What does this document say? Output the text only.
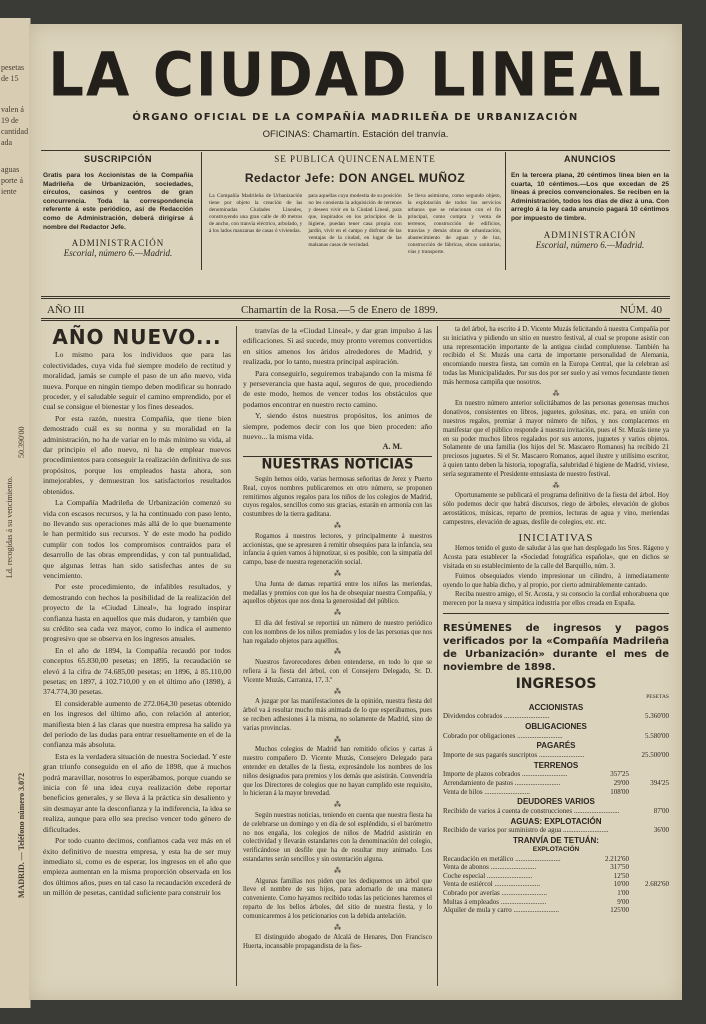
pesetas
de 15
valen á
19 de
cantidad
ada
aguas
porte á
iente
Ld. recogidas á su vencimiento.
50.390'00
MADRID. — Teléfono número 3.072
LA CIUDAD LINEAL
ÓRGANO OFICIAL DE LA COMPAÑÍA MADRILEÑA DE URBANIZACIÓN
OFICINAS: Chamartín. Estación del tranvía.
SUSCRIPCIÓN
Gratis para los Accionistas de la Compañía Madrileña de Urbanización, sociedades, círculos, casinos y centros de gran concurrencia. Toda la correspondencia referente á este periódico, así de Redacción como de Administración, deberá dirigirse á nombre del Redactor Jefe.
ADMINISTRACIÓN
Escorial, número 6.—Madrid.
SE PUBLICA QUINCENALMENTE
Redactor Jefe: DON ANGEL MUÑOZ
La Compañía Madrileña de Urbanización tiene por objeto la creación de las denominadas Ciudades Lineales, construyendo una gran calle de 40 metros de ancho, con tranvía eléctrico, arbolado, y á los lados manzanas de casas ó viviendas.
para aquellas cuya modestia de su posición no les consienta la adquisición de terrenos y deseen vivir en la Ciudad Lineal, para que, inspirados en los principios de la higiene, puedan tener casa propia con jardín, vivir en el campo y disfrutar de las ventajas de la ciudad, en lugar de las malsanas casas de vecindad.
Se lleva asimismo, como segundo objeto, la explotación de todos los servicios urbanos que se relacionan con el fin principal, como compra y venta de terrenos, construcción de edificios, tranvías y demás obras de urbanización, abastecimiento de aguas y de luz, construcción de fábricas, obras sanitarias, vías y transporte.
ANUNCIOS
En la tercera plana, 20 céntimos línea bien en la cuarta, 10 céntimos.—Los que excedan de 25 líneas á precios convencionales. Se reciben en la Administración, todos los días de diez á una. Con arreglo á la ley cada anuncio pagará 10 céntimos por impuesto de timbre.
ADMINISTRACIÓN
Escorial, número 6.—Madrid.
AÑO III	Chamartín de la Rosa.—5 de Enero de 1899.	NÚM. 40
AÑO NUEVO...

Lo mismo para los individuos que para las colectividades, cuya vida fué siempre modelo de rectitud y moralidad, jamás se cumple el paso de un año nuevo, vida nueva. Porque en ningún tiempo deben modificar su honrado proceder, y el saludable seguir el camino emprendido, por el cual se consigue el bienestar y los fines deseados.

Por esta razón, nuestra Compañía, que tiene bien demostrado cuál es su norma y su moralidad en la administración, no ha de variar en lo más mínimo su vida, al dar principio el año nuevo, ni ha de emplear nuevos procedimientos para conseguir la realización definitiva de sus propósitos, porque los empleados hasta ahora, son inmejorables, y demuestran los satisfactorios resultados obtenidos.

La Compañía Madrileña de Urbanización comenzó su vida con escasos recursos, y la ha continuado con paso lento, no llevando sus operaciones más allá de lo que buenamente le han permitido sus recursos. Y de este modo ha podido cumplir con todos los compromisos contraídos para el desarrollo de las obras emprendidas, y con tal puntualidad, que algunas letras han sido satisfechas antes de su vencimiento.

Por este procedimiento, de infalibles resultados, y demostrando con hechos la posibilidad de la realización del proyecto de la «Ciudad Lineal», ha logrado inspirar confianza hasta en aquellos que más dudaron, y también que su crédito sea cada vez mayor, como lo indica el aumento progresivo que se observa en los ingresos anuales.

En el año de 1894, la Compañía recaudó por todos conceptos 65.830,00 pesetas; en 1895, la recaudación se elevó á la cifra de 74.685,00 pesetas; en 1896, á 85.110,00 pesetas; en 1897, á 102.710,00 y en el último año (1898), á 374.774,30 pesetas.

El considerable aumento de 272.064,30 pesetas obtenido en los ingresos del último año, con relación al anterior, manifiesta bien á las claras que nuestra empresa ha salido ya del período de las dudas para entrar resueltamente en el de la confianza más absoluta.

Esta es la verdadera situación de nuestra Sociedad. Y este gran triunfo conseguido en el año de 1898, que á muchos podrá maravillar, nosotros lo esperábamos, porque cuando se inicia con fé una idea cuya realización debe reportar beneficios generales, y se lleva á la práctica sin desaliento y sin desmayar ante la desconfianza y la indiferencia, la idea se realiza, aunque para ello sea preciso vencer todo género de dificultades.

Por todo cuanto decimos, confiamos cada vez más en el éxito definitivo de nuestra empresa, y esta ha de ser muy inmediato si, como es de esperar, los ingresos en el año que empieza aumentan en la misma proporción observada en los dos últimos años, pues en tal caso la recaudación excederá de un millón de pesetas, cantidad suficiente para construir los

tranvías de la «Ciudad Lineal», y dar gran impulso á las edificaciones. Si así sucede, muy pronto veremos convertidos en sitios amenos los áridos alrededores de Madrid, y realizada, por lo tanto, nuestra principal aspiración.

Para conseguirlo, seguiremos trabajando con la misma fé y perseverancia que hasta aquí, seguros de que, procediendo de este modo, hemos de vencer todos los obstáculos que podamos encontrar en nuestro recto camino.

Y, siendo éstos nuestros propósitos, los animos de siempre, podemos decir con los que bien proceden: año nuevo... la misma vida.

A. M.
NUESTRAS NOTICIAS

Según hemos oído, varias hermosas señoritas de Jerez y Puerto Real, cuyos nombres publicaremos en otro número, se proponen remitirnos algunos regalos para los niños de los colegios de Madrid, cuyos regalos, sencillos como sus gracias, estarán en armonía con las costumbres de la tierra gaditana.

⁂

Rogamos á nuestros lectores, y principalmente á nuestros accionistas, que se apresuren á remitir obsequios para la infancia, sea infancia á quien vamos á hipnotizar, si es posible, con la simpatía del campo, base de nuestra regeneración social.

⁂

Una Junta de damas repartirá entre los niños las meriendas, medallas y premios con que los ha de obsequiar nuestra Compañía, y aquellos objetos que nos dona la generosidad del público.

⁂

El día del festival se reportirá un número de nuestro periódico con los nombres de los niños premiados y los de las personas que nos han regalado objetos para aquéllos.

⁂

Nuestros favorecedores deben entenderse, en todo lo que se refiera á la fiesta del árbol, con el Consejero Delegado, Sr. D. Vicente Muzás, Carranza, 17, 3.º

⁂

A juzgar por las manifestaciones de la opinión, nuestra fiesta del árbol va á resultar mucho más animada de lo que esperábamos, pues se reciben adhesiones á la misma, no solamente de Madrid, sino de varias provincias.

⁂

Muchos colegios de Madrid han remitido oficios y cartas á nuestro compañero D. Vicente Muzás, Consejero Delegado para entender en detalles de la fiesta, expresándole los nombres de los niños designados para premios y los demás que asistirán. Convendría que los Directores de colegios que no hayan cumplido este requisito, lo hicieran á la mayor brevedad.

⁂

Según nuestras noticias, teniendo en cuenta que nuestra fiesta ha de celebrarse un domingo y en día de sol espléndido, si el barómetro no nos engaña, los colegios de niños de Madrid asistirán en colectividad y llevarán estandartes con la denominación del colegio, verificándose un desfile que ha de resultar muy animado. Los estandartes serán sencillos y sin ostentación alguna.

⁂

Algunas familias nos piden que les dediquemos un árbol que lleve el nombre de sus hijos, para adornarlo de una manera conveniente. Como hayamos recibido todas las peticiones haremos el reparto de los bellos árboles, del sitio de nuestra fiesta, y lo comunicaremos á los peticionarios con la debida antelación.

⁂

El distinguido abogado de Alcalá de Henares, Don Francisco Huerta, incansable propagandista de la fies-

ta del árbol, ha escrito á D. Vicente Muzás felicitando á nuestra Compañía por su iniciativa y pidiendo un sitio en nuestro festival, al cual se propone asistir con una representación importante de la antigua ciudad complutense. También ha recibido el Sr. Muzás una carta de importante personalidad de Alemania, encomiando nuestra fiesta, tan común en la Europa Central, que la celebran así todas las Municipalidades. Por sus dos por ser suelo y así vemos fecundante tienen más hermosa campiña que nosotros.

⁂

En nuestro número anterior solicitábamos de las personas generosas muchos donativos, consistentes en libros, juguetes, golosinas, etc. para, en unión con nuestros regalos, premiar á mayor número de niños, y nos complacemos en manifestar que el público responde á nuestra invitación, pues el Sr. Muzás tiene ya en su poder muchos libros regalados por sus autores, juguetes y varios objetos. Solamente de una familia (los hijos del Sr. Mascaero Romanos) ha recibido 21 preciosos juguetes. Si el Sr. Mascaero Romanos, aquel ilustre y utilísimo escritor, á quien tanto deben la historia, topografía, salubridad é higiene de Madrid, viviese, sería seguramente el Presidente entusiasta de nuestro festival.

⁂

Oportunamente se publicará el programa definitivo de la fiesta del árbol. Hoy sólo podemos decir que habrá discursos, riego de árboles, elevación de globos aerostáticos, músicas, reparto de premios, lecturas de agua y vino, meriendas campestres, elevación de aguas, desfile de colegios, etc. etc.

INICIATIVAS

Hemos tenido el gusto de saludar á las que han desplegado los Sres. Rágeno y Acosta para establecer la «Sociedad fotográfica española», que en dichos se visitada en su establecimiento de la calle del Barquillo, núm. 3.

Fuimos obsequiados viendo impresionar un cilindro, á inmediatamente oyendo lo que había dicho, y al propio, por cierto admirablemente cantado.

Reciba nuestro amigo, el Sr. Acosta, y su consocio la cordial enhorabuena que merecen por la nueva y simpática industria por ellos creada en España.

RESÚMENES de ingresos y pagos verificados por la «Compañía Madrileña de Urbanización» durante el mes de noviembre de 1898.
INGRESOS
PESETAS
ACCIONISTAS
Dividendos cobrados ..........................	5.360'00
OBLIGACIONES
Cobrado por obligaciones ..........................	5.580'00
PAGARÉS
Importe de sus pagarés suscriptos ..........................	25.500'00
TERRENOS
Importe de plazos cobrados ..........................	357'25
Arrendamiento de pastos ..........................	29'00	394'25
Venta de hilos ..........................	108'00
DEUDORES VARIOS
Recibido de varios á cuenta de construcciones ..........................	87'00
AGUAS: EXPLOTACIÓN
Recibido de varios por suministro de agua ..........................	36'00
TRANVÍA DE TETUÁN:
EXPLOTACIÓN
Recaudación en metálico ..........................	2.212'60
Venta de abonos ..........................	317'50
Coche especial ..........................	12'50
Venta de estiércol ..........................	10'00	2.682'60
Cobrado por averías ..........................	1'00
Multas á empleados ..........................	9'00
Alquiler de mula y carro ..........................	125'00
